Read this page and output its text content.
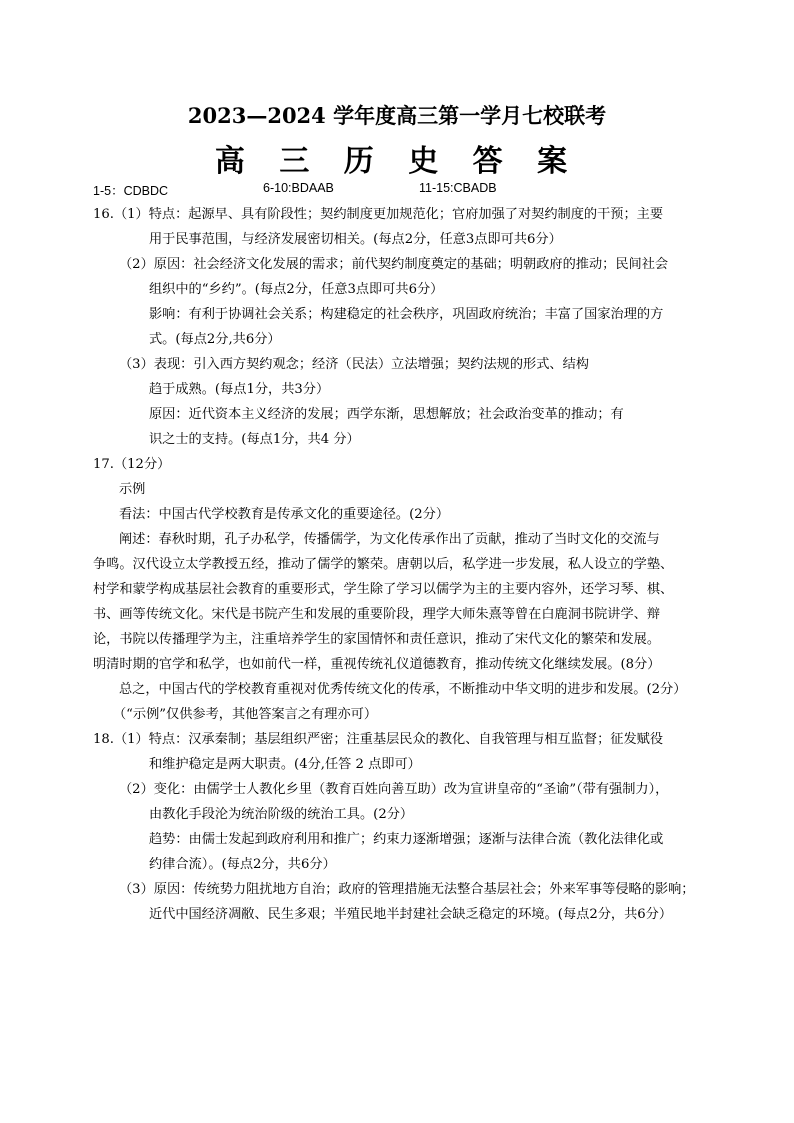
2023—2024 学年度高三第一学月七校联考
高 三 历 史 答 案
1-5：CDBDC	6-10:BDAAB	11-15:CBADB
16.（1）特点：起源早、具有阶段性；契约制度更加规范化；官府加强了对契约制度的干预；主要
用于民事范围，与经济发展密切相关。(每点2分，任意3点即可共6分）
（2）原因：社会经济文化发展的需求；前代契约制度奠定的基础；明朝政府的推动；民间社会
组织中的“乡约”。(每点2分，任意3点即可共6分）
影响：有利于协调社会关系；构建稳定的社会秩序，巩固政府统治；丰富了国家治理的方
式。(每点2分,共6分）
（3）表现：引入西方契约观念；经济（民法）立法增强；契约法规的形式、结构
趋于成熟。(每点1分，共3分）
原因：近代资本主义经济的发展；西学东渐，思想解放；社会政治变革的推动；有
识之士的支持。(每点1分，共4 分）
17.（12分）
示例
看法：中国古代学校教育是传承文化的重要途径。(2分）
阐述：春秋时期，孔子办私学，传播儒学，为文化传承作出了贡献，推动了当时文化的交流与
争鸣。汉代设立太学教授五经，推动了儒学的繁荣。唐朝以后，私学进一步发展，私人设立的学塾、
村学和蒙学构成基层社会教育的重要形式，学生除了学习以儒学为主的主要内容外，还学习琴、棋、
书、画等传统文化。宋代是书院产生和发展的重要阶段，理学大师朱熹等曾在白鹿洞书院讲学、辩
论，书院以传播理学为主，注重培养学生的家国情怀和责任意识，推动了宋代文化的繁荣和发展。
明清时期的官学和私学，也如前代一样，重视传统礼仪道德教育，推动传统文化继续发展。(8分）
总之，中国古代的学校教育重视对优秀传统文化的传承，不断推动中华文明的进步和发展。(2分）
（“示例”仅供参考，其他答案言之有理亦可）
18.（1）特点：汉承秦制；基层组织严密；注重基层民众的教化、自我管理与相互监督；征发赋役
和维护稳定是两大职责。(4分,任答 2 点即可）
（2）变化：由儒学士人教化乡里（教育百姓向善互助）改为宣讲皇帝的“圣谕”（带有强制力），
由教化手段沦为统治阶级的统治工具。(2分）
趋势：由儒士发起到政府利用和推广；约束力逐渐增强；逐渐与法律合流（教化法律化或
约律合流）。(每点2分，共6分）
（3）原因：传统势力阻扰地方自治；政府的管理措施无法整合基层社会；外来军事等侵略的影响；
近代中国经济凋敝、民生多艰；半殖民地半封建社会缺乏稳定的环境。(每点2分，共6分）
